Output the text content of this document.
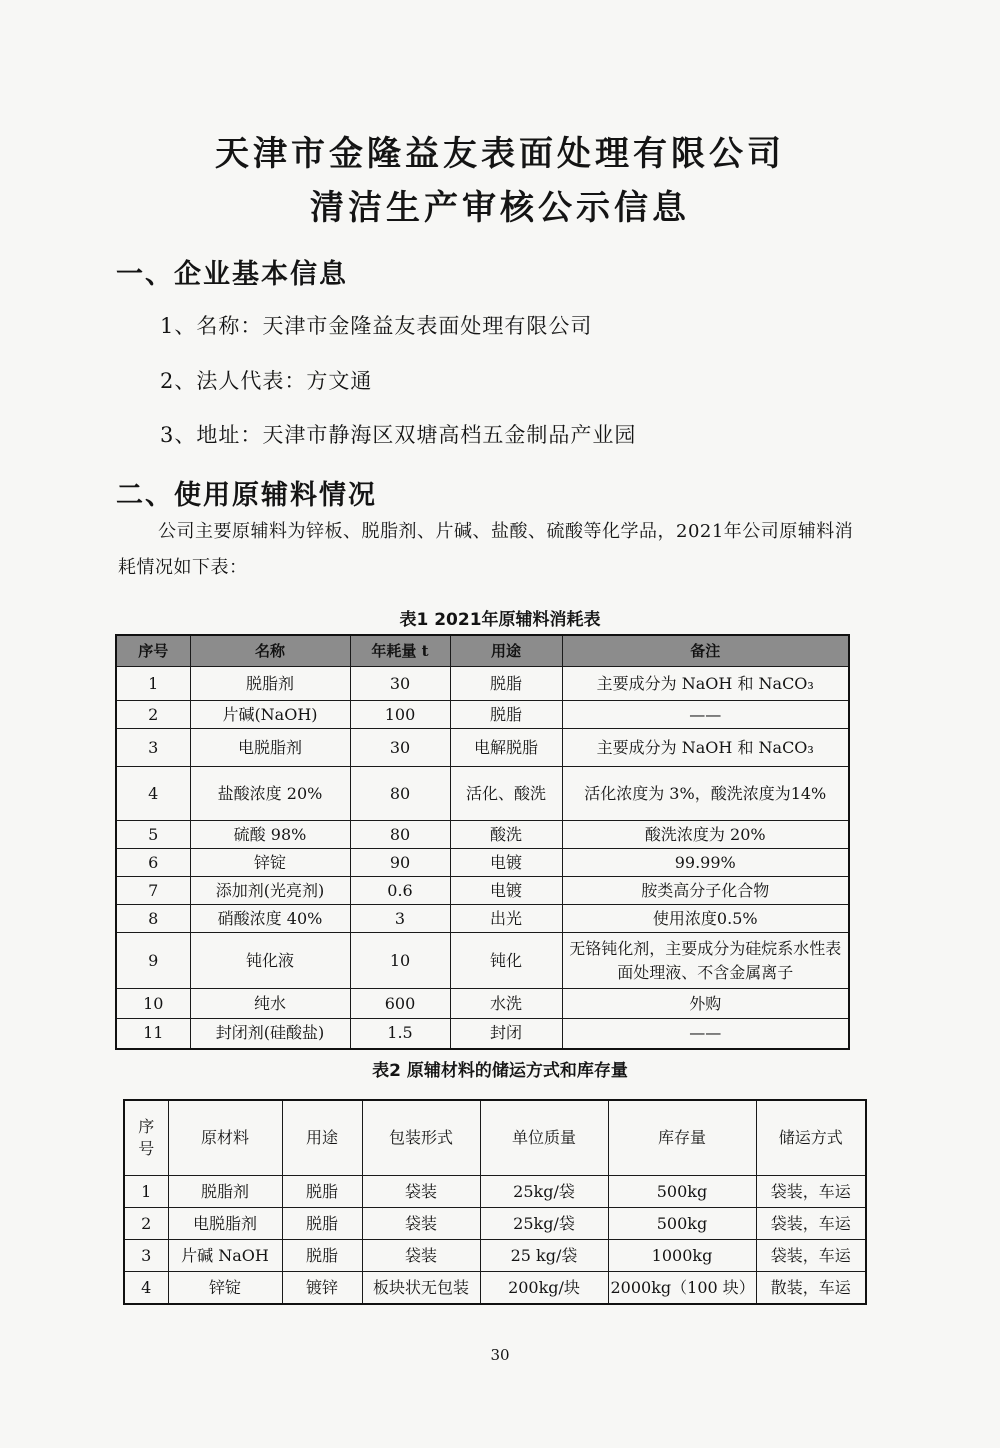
天津市金隆益友表面处理有限公司
清洁生产审核公示信息
一、企业基本信息

1、名称：天津市金隆益友表面处理有限公司

2、法人代表：方文通

3、地址：天津市静海区双塘高档五金制品产业园

二、使用原辅料情况

公司主要原辅料为锌板、脱脂剂、片碱、盐酸、硫酸等化学品，2021年公司原辅料消耗情况如下表：

表1 2021年原辅料消耗表

序号	名称	年耗量 t	用途	备注
1	脱脂剂	30	脱脂	主要成分为 NaOH 和 NaCO₃
2	片碱(NaOH)	100	脱脂	——
3	电脱脂剂	30	电解脱脂	主要成分为 NaOH 和 NaCO₃
4	盐酸浓度 20%	80	活化、酸洗	活化浓度为 3%，酸洗浓度为14%
5	硫酸 98%	80	酸洗	酸洗浓度为 20%
6	锌锭	90	电镀	99.99%
7	添加剂(光亮剂)	0.6	电镀	胺类高分子化合物
8	硝酸浓度 40%	3	出光	使用浓度0.5%
9	钝化液	10	钝化	无铬钝化剂，主要成分为硅烷系水性表面处理液、不含金属离子
10	纯水	600	水洗	外购
11	封闭剂(硅酸盐)	1.5	封闭	——

表2 原辅材料的储运方式和库存量

序号	原材料	用途	包装形式	单位质量	库存量	储运方式
1	脱脂剂	脱脂	袋装	25kg/袋	500kg	袋装，车运
2	电脱脂剂	脱脂	袋装	25kg/袋	500kg	袋装，车运
3	片碱 NaOH	脱脂	袋装	25 kg/袋	1000kg	袋装，车运
4	锌锭	镀锌	板块状无包装	200kg/块	2000kg（100 块）	散装，车运

30
